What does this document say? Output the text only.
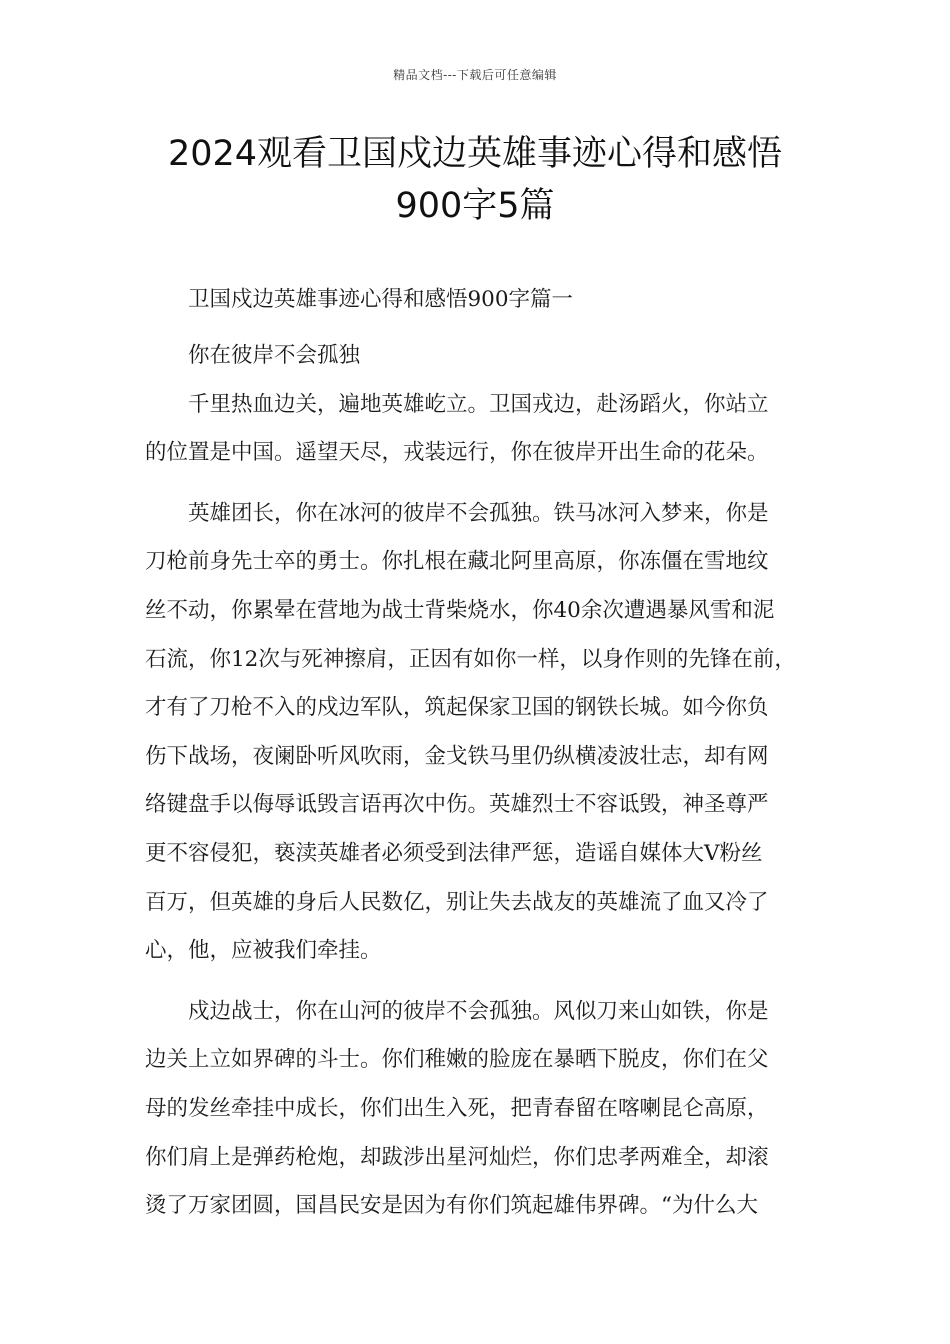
精品文档---下载后可任意编辑
2024观看卫国戍边英雄事迹心得和感悟
900字5篇
卫国戍边英雄事迹心得和感悟900字篇一
你在彼岸不会孤独
千里热血边关，遍地英雄屹立。卫国戎边，赴汤蹈火，你站立
的位置是中国。遥望天尽，戎装远行，你在彼岸开出生命的花朵。
英雄团长，你在冰河的彼岸不会孤独。铁马冰河入梦来，你是
刀枪前身先士卒的勇士。你扎根在藏北阿里高原，你冻僵在雪地纹
丝不动，你累晕在营地为战士背柴烧水，你40余次遭遇暴风雪和泥
石流，你12次与死神擦肩，正因有如你一样，以身作则的先锋在前，
才有了刀枪不入的戍边军队，筑起保家卫国的钢铁长城。如今你负
伤下战场，夜阑卧听风吹雨，金戈铁马里仍纵横凌波壮志，却有网
络键盘手以侮辱诋毁言语再次中伤。英雄烈士不容诋毁，神圣尊严
更不容侵犯，亵渎英雄者必须受到法律严惩，造谣自媒体大V粉丝
百万，但英雄的身后人民数亿，别让失去战友的英雄流了血又冷了
心，他，应被我们牵挂。
戍边战士，你在山河的彼岸不会孤独。风似刀来山如铁，你是
边关上立如界碑的斗士。你们稚嫩的脸庞在暴晒下脱皮，你们在父
母的发丝牵挂中成长，你们出生入死，把青春留在喀喇昆仑高原，
你们肩上是弹药枪炮，却跋涉出星河灿烂，你们忠孝两难全，却滚
烫了万家团圆，国昌民安是因为有你们筑起雄伟界碑。“为什么大
